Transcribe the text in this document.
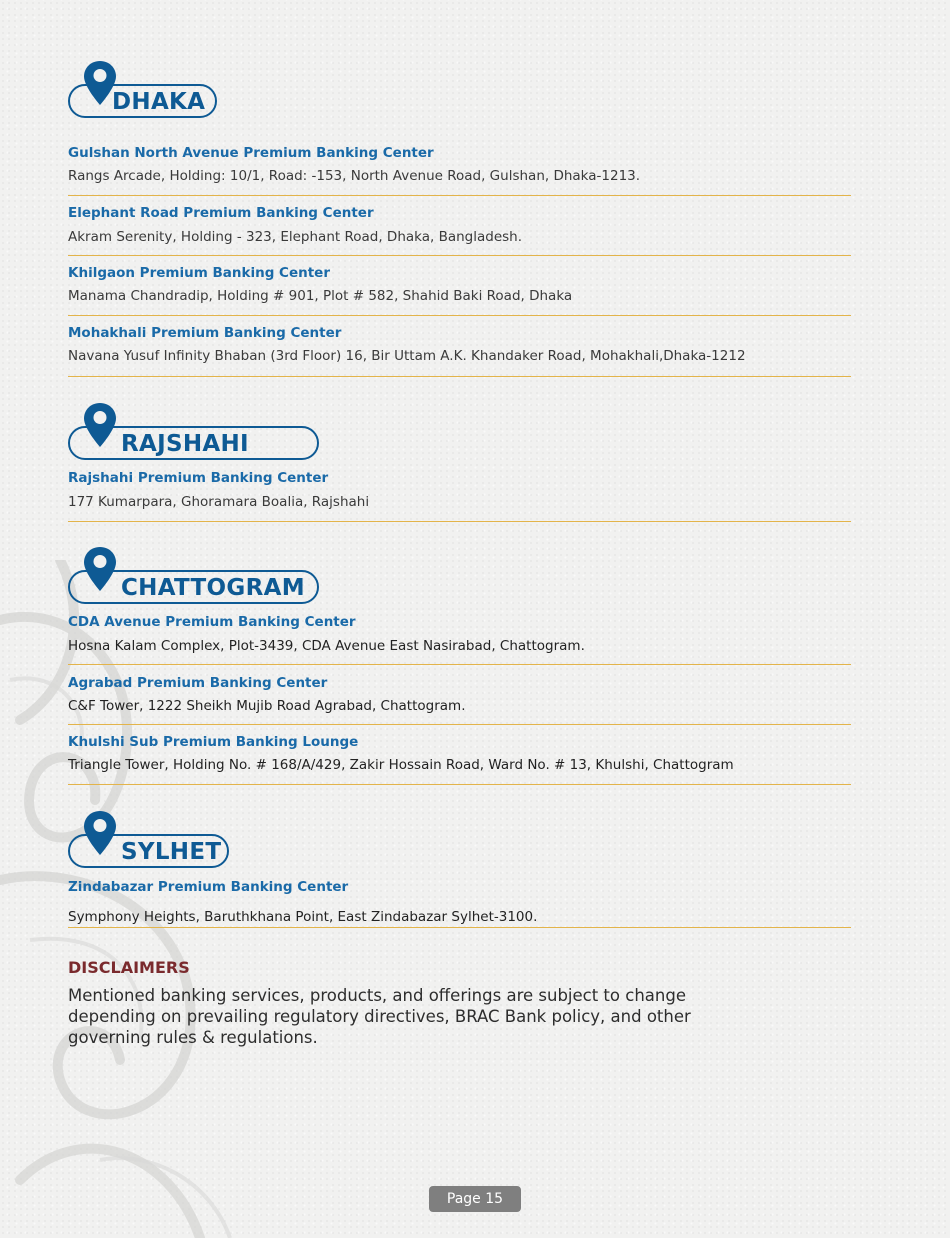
DHAKA
Gulshan North Avenue Premium Banking Center
Rangs Arcade, Holding: 10/1, Road: -153, North Avenue Road, Gulshan, Dhaka-1213.
Elephant Road Premium Banking Center
Akram Serenity, Holding - 323, Elephant Road, Dhaka, Bangladesh.
Khilgaon Premium Banking Center
Manama Chandradip, Holding # 901, Plot # 582, Shahid Baki Road, Dhaka
Mohakhali Premium Banking Center
Navana Yusuf Infinity Bhaban (3rd Floor) 16, Bir Uttam A.K. Khandaker Road, Mohakhali,Dhaka-1212
RAJSHAHI
Rajshahi Premium Banking Center
177 Kumarpara, Ghoramara Boalia, Rajshahi
CHATTOGRAM
CDA Avenue Premium Banking Center
Hosna Kalam Complex, Plot-3439, CDA Avenue East Nasirabad, Chattogram.
Agrabad Premium Banking Center
C&F Tower, 1222 Sheikh Mujib Road Agrabad, Chattogram.
Khulshi Sub Premium Banking Lounge
Triangle Tower, Holding No. # 168/A/429, Zakir Hossain Road, Ward No. # 13, Khulshi, Chattogram
SYLHET
Zindabazar Premium Banking Center
Symphony Heights, Baruthkhana Point, East Zindabazar Sylhet-3100.
DISCLAIMERS
Mentioned banking services, products, and offerings are subject to change depending on prevailing regulatory directives, BRAC Bank policy, and other governing rules & regulations.
Page 15
